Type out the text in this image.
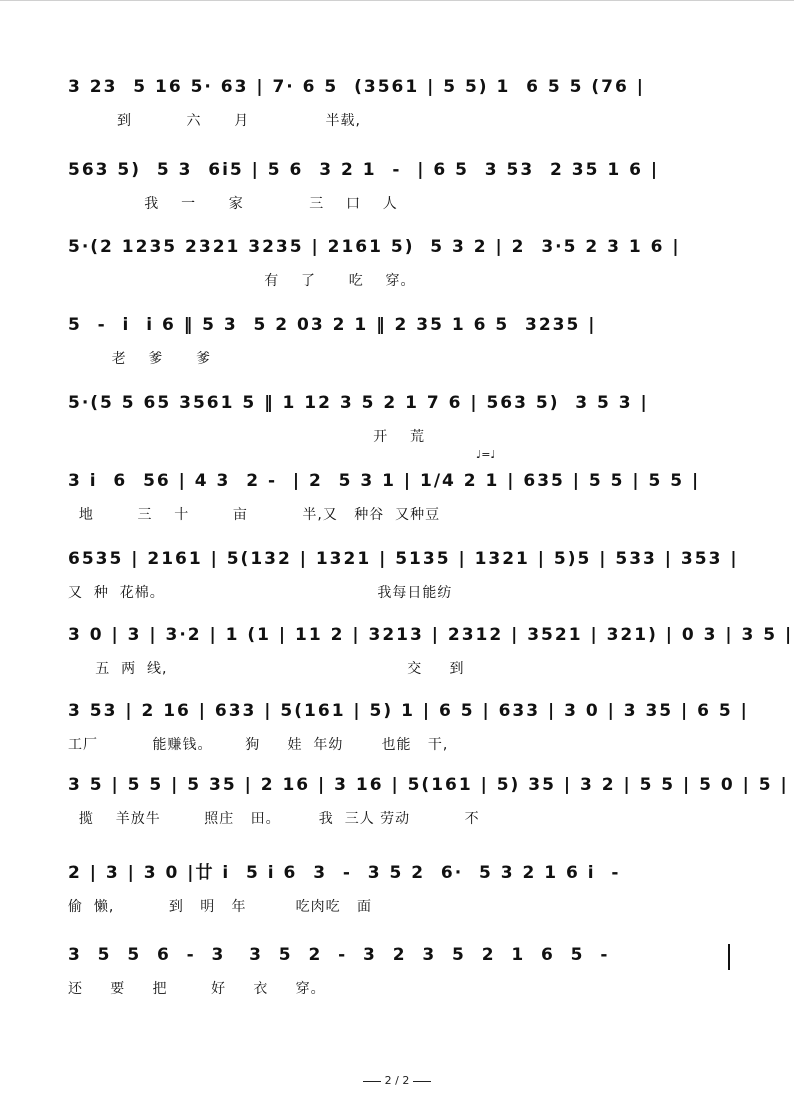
3 23  5 16 5· 63 | 7· 6 5  (3561 | 5 5) 1  6 5 5 (76 |
到          六      月              半载,
563 5)  5 3  6i5 | 5 6  3 2 1  -  | 6 5  3 53  2 35 1 6 |
我    一      家            三    口    人
5·(2 1235 2321 3235 | 2161 5)  5 3 2 | 2  3·5 2 3 1 6 |
有    了      吃    穿。
5  -  i  i 6 ‖ 5 3  5 2 03 2 1 ‖ 2 35 1 6 5  3235 |
老    爹      爹
5·(5 5 65 3561 5 ‖ 1 12 3 5 2 1 7 6 | 563 5)  3 5 3 |
开    荒
♩=♩
3 i  6  56 | 4 3  2 -  | 2  5 3 1 | 1/4 2 1 | 635 | 5 5 | 5 5 |
地        三    十        亩          半,又   种谷  又种豆
6535 | 2161 | 5(132 | 1321 | 5135 | 1321 | 5)5 | 533 | 353 |
又  种  花棉。                                       我每日能纺
3 0 | 3 | 3·2 | 1 (1 | 11 2 | 3213 | 2312 | 3521 | 321) | 0 3 | 3 5 |
五  两  线,                                            交     到
3 53 | 2 16 | 633 | 5(161 | 5) 1 | 6 5 | 633 | 3 0 | 3 35 | 6 5 |
工厂          能赚钱。      狗     娃  年幼       也能   干,
3 5 | 5 5 | 5 35 | 2 16 | 3 16 | 5(161 | 5) 35 | 3 2 | 5 5 | 5 0 | 5 |
揽    羊放牛        照庄   田。       我  三人 劳动          不
2 | 3 | 3 0 |廿 i  5 i 6  3  -  3 5 2  6·  5 3 2 1 6 i  -
偷  懒,          到   明   年         吃肉吃   面
3  5  5  6  -  3   3  5  2  -  3  2  3  5  2  1  6  5  -
还     要     把        好     衣     穿。
2 / 2
